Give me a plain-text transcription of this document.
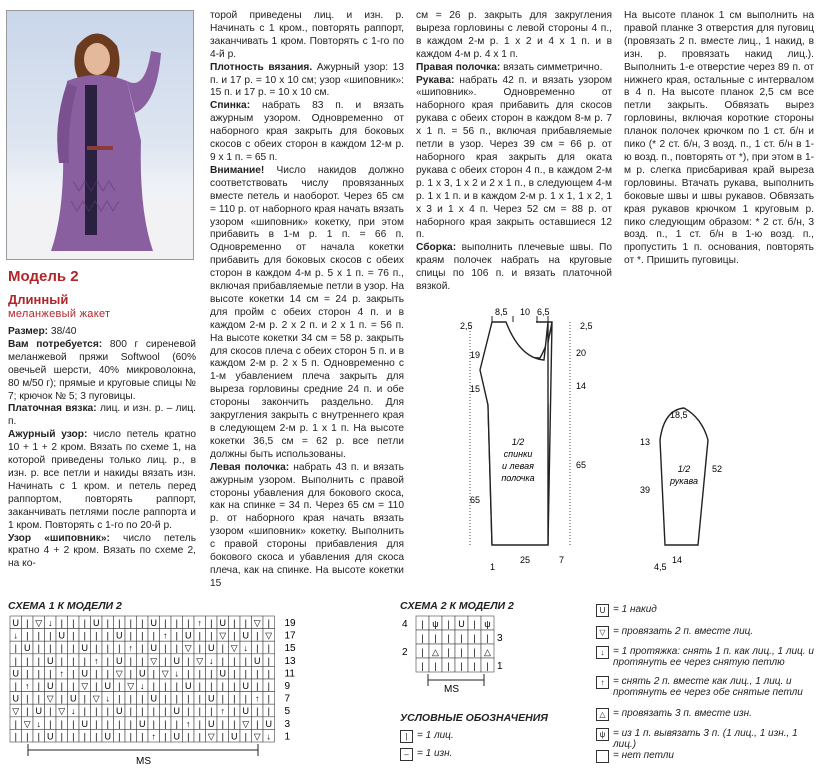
Модель 2
Длинный
меланжевый жакет

Размер: 38/40

Вам потребуется: 800 г сиреневой меланжевой пряжи Softwool (60% овечьей шерсти, 40% микроволокна, 80 м/50 г); прямые и круговые спицы № 7; крючок № 5; 3 пуговицы.

Платочная вязка: лиц. и изн. р. – лиц. п.

Ажурный узор: число петель кратно 10 + 1 + 2 кром. Вязать по схеме 1, на которой приведены только лиц. р., в изн. р. все петли и накиды вязать изн. Начинать с 1 кром. и петель перед раппортом, повторять раппорт, заканчивать петлями после раппорта и 1 кром. Повторять с 1-го по 20-й р.

Узор «шиповник»: число петель кратно 4 + 2 кром. Вязать по схеме 2, на ко-

торой приведены лиц. и изн. р. Начинать с 1 кром., повторять раппорт, заканчивать 1 кром. Повторять с 1-го по 4-й р.

Плотность вязания. Ажурный узор: 13 п. и 17 р. = 10 х 10 см; узор «шиповник»: 15 п. и 17 р. = 10 х 10 см.

Спинка: набрать 83 п. и вязать ажурным узором. Одновременно от наборного края закрыть для боковых скосов с обеих сторон в каждом 12-м р. 9 х 1 п. = 65 п.

Внимание! Число накидов должно соответствовать числу провязанных вместе петель и наоборот. Через 65 см = 110 р. от наборного края начать вязать узором «шиповник» кокетку, при этом прибавить в 1-м р. 1 п. = 66 п. Одновременно от начала кокетки прибавить для боковых скосов с обеих сторон в каждом 4-м р. 5 х 1 п. = 76 п., включая прибавляемые петли в узор. На высоте кокетки 14 см = 24 р. закрыть для пройм с обеих сторон 4 п. и в каждом 2-м р. 2 х 2 п. и 2 х 1 п. = 56 п. На высоте кокетки 34 см = 58 р. закрыть для скосов плеча с обеих сторон 5 п. и в каждом 2-м р. 2 х 5 п. Одновременно с 1-м убавлением плеча закрыть для выреза горловины средние 24 п. и обе стороны закончить раздельно. Для закругления закрыть с внутреннего края в следующем 2-м р. 1 х 1 п. На высоте кокетки 36,5 см = 62 р. все петли должны быть использованы.

Левая полочка: набрать 43 п. и вязать ажурным узором. Выполнить с правой стороны убавления для бокового скоса, как на спинке = 34 п. Через 65 см = 110 р. от наборного края начать вязать узором «шиповник» кокетку. Выполнить с правой стороны прибавления для бокового скоса и убавления для скоса плеча, как на спинке. На высоте кокетки 15

см = 26 р. закрыть для закругления выреза горловины с левой стороны 4 п., в каждом 2-м р. 1 х 2 и 4 х 1 п. и в каждом 4-м р. 4 х 1 п.

Правая полочка: вязать симметрично.

Рукава: набрать 42 п. и вязать узором «шиповник». Одновременно от наборного края прибавить для скосов рукава с обеих сторон в каждом 8-м р. 7 х 1 п. = 56 п., включая прибавляемые петли в узор. Через 39 см = 66 р. от наборного края закрыть для оката рукава с обеих сторон 4 п., в каждом 2-м р. 1 х 3, 1 х 2 и 2 х 1 п., в следующем 4-м р. 1 х 1 п. и в каждом 2-м р. 1 х 1, 1 х 2, 1 х 3 и 1 х 4 п. Через 52 см = 88 р. от наборного края закрыть оставшиеся 12 п.

Сборка: выполнить плечевые швы. По краям полочек набрать на круговые спицы по 106 п. и вязать платочной вязкой.

На высоте планок 1 см выполнить на правой планке 3 отверстия для пуговиц (провязать 2 п. вместе лиц., 1 накид, в изн. р. провязать накид лиц.). Выполнить 1-е отверстие через 89 п. от нижнего края, остальные с интервалом в 4 п. На высоте планок 2,5 см все петли закрыть. Обвязать вырез горловины, включая короткие стороны планок полочек крючком по 1 ст. б/н и пико (* 2 ст. б/н, 3 возд. п., 1 ст. б/н в 1-ю возд. п., повторять от *), при этом в 1-м р. слегка присбаривая край выреза горловины. Втачать рукава, выполнить боковые швы и швы рукавов. Обвязать края рукавов крючком 1 круговым р. пико следующим образом: * 2 ст. б/н, 3 возд. п., 1 ст. б/н в 1-ю возд. п., пропустить 1 п. основания, повторять от *. Пришить пуговицы.

8,5 10 6,5
2,5
19
15
65
2,5
20
14
65
25	7
1
1/2
спинки
и левая
полочка
18,5
13
39
52
14
4,5
1/2
рукава
СХЕМА 1 К МОДЕЛИ 2
U | ▽ ↓ | | | U | | | | U | | | ↑ | U | | ▽ |
↓ | | | U | | | | U | | | ↑ | U | | ▽ | U | ▽
| U | | | | U | | | ↑ | U | | ▽ | U | ▽ ↓ | |
| | | U | | | ↑ | U | | ▽ | U | ▽ ↓ | | | U |
U | | | ↑ | U | | ▽ | U | ▽ ↓ | | | U | | | |
| ↑ | U | | ▽ | U | ▽ ↓ | | | U | | | | U | |
U | | ▽ | U | ▽ ↓ | | | U | | | | U | | | ↑ |
▽ | U | ▽ ↓ | | | U | | | | U | | | ↑ | U | |
| ▽ ↓ | | | U | | | | U | | | ↑ | U | | ▽ | U
| | | U | | | | U | | | ↑ | U | | ▽ | U | ▽ ↓
19
17
15
13
11
9
7
5
3
1
MS
СХЕМА 2 К МОДЕЛИ 2
| ψ | U | ψ
| | | | | |
| △ | | | △
| | | | | |
4
2
3
1
MS
УСЛОВНЫЕ ОБОЗНАЧЕНИЯ
| = 1 лиц.
– = 1 изн.
U = 1 накид
▽ = провязать 2 п. вместе лиц.
↓ = 1 протяжка: снять 1 п. как лиц., 1 лиц. и протянуть ее через снятую петлю
↑ = снять 2 п. вместе как лиц., 1 лиц. и протянуть ее через обе снятые петли
△ = провязать 3 п. вместе изн.
ψ = из 1 п. вывязать 3 п. (1 лиц., 1 изн., 1 лиц.)
= нет петли
